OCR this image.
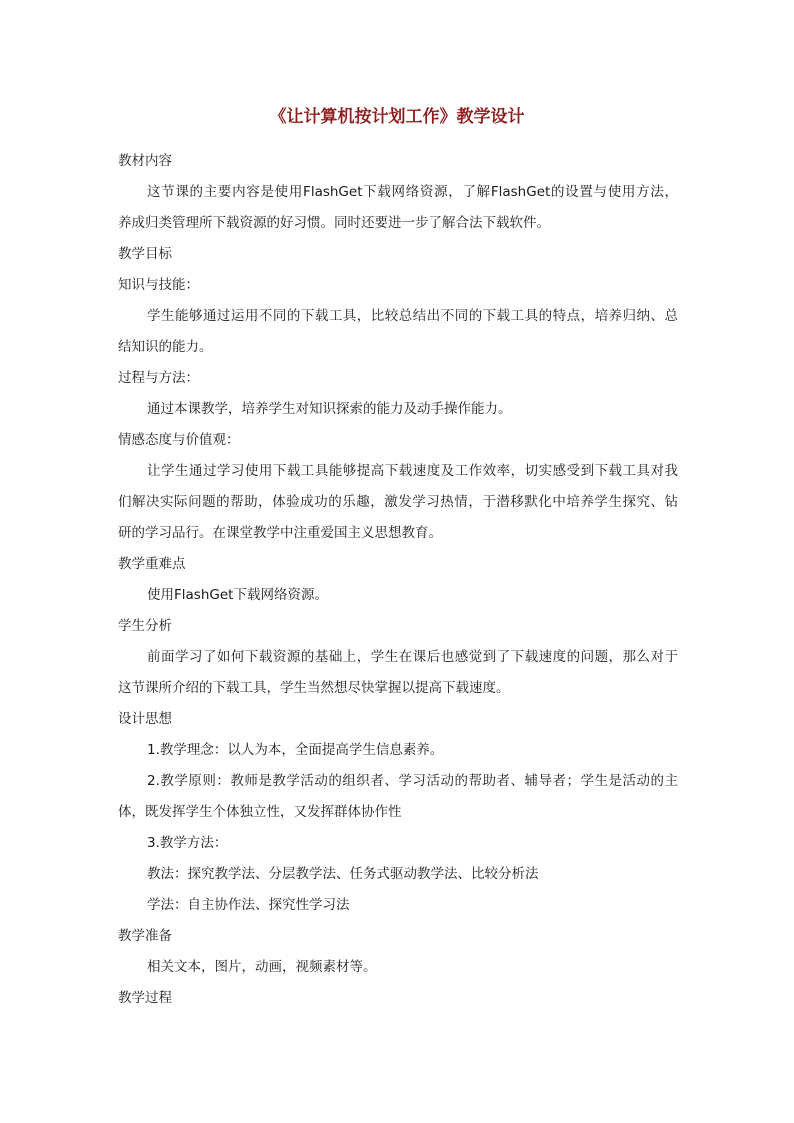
《让计算机按计划工作》教学设计
教材内容
这节课的主要内容是使用FlashGet下载网络资源，了解FlashGet的设置与使用方法，
养成归类管理所下载资源的好习惯。同时还要进一步了解合法下载软件。
教学目标
知识与技能：
学生能够通过运用不同的下载工具，比较总结出不同的下载工具的特点，培养归纳、总
结知识的能力。
过程与方法：
通过本课教学，培养学生对知识探索的能力及动手操作能力。
情感态度与价值观：
让学生通过学习使用下载工具能够提高下载速度及工作效率，切实感受到下载工具对我
们解决实际问题的帮助，体验成功的乐趣，激发学习热情，于潜移默化中培养学生探究、钻
研的学习品行。在课堂教学中注重爱国主义思想教育。
教学重难点
使用FlashGet下载网络资源。
学生分析
前面学习了如何下载资源的基础上，学生在课后也感觉到了下载速度的问题，那么对于
这节课所介绍的下载工具，学生当然想尽快掌握以提高下载速度。
设计思想
1.教学理念：以人为本，全面提高学生信息素养。
2.教学原则：教师是教学活动的组织者、学习活动的帮助者、辅导者；学生是活动的主
体，既发挥学生个体独立性，又发挥群体协作性
3.教学方法：
教法：探究教学法、分层教学法、任务式驱动教学法、比较分析法
学法：自主协作法、探究性学习法
教学准备
相关文本，图片，动画，视频素材等。
教学过程
